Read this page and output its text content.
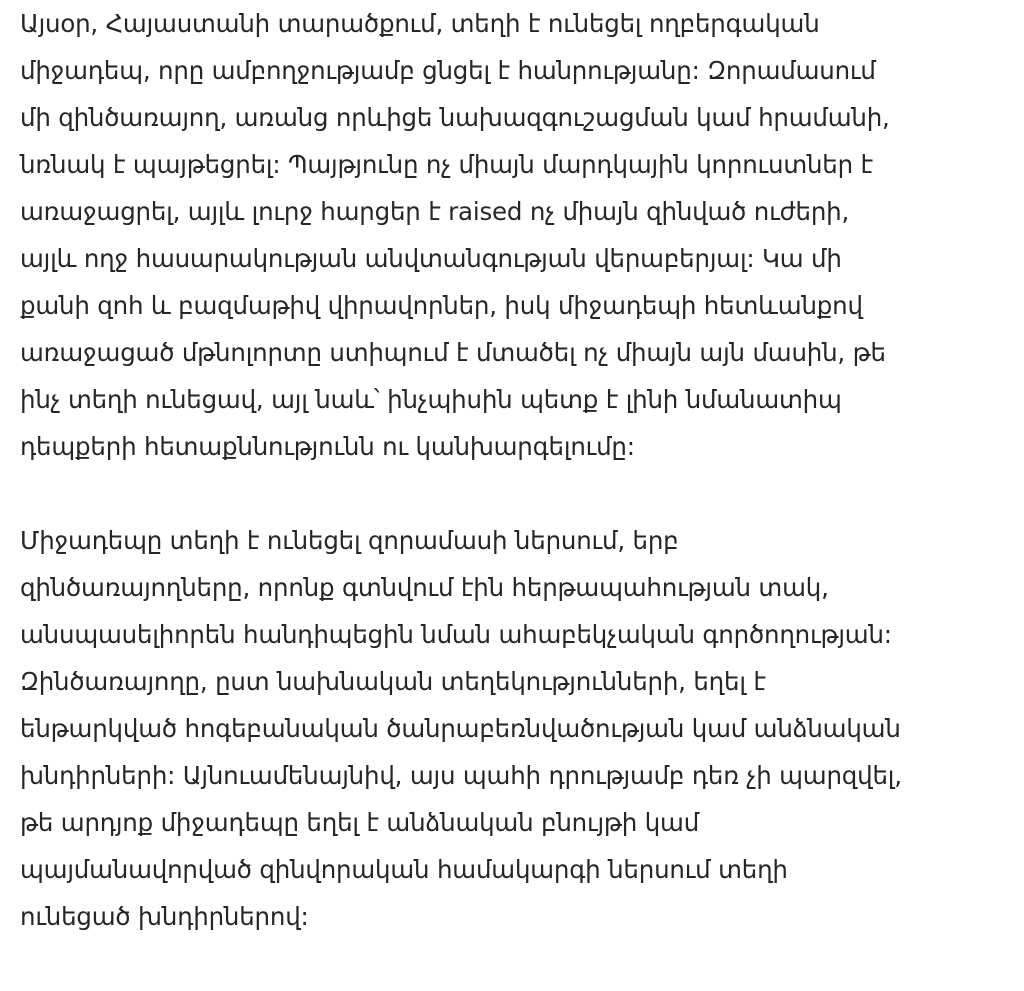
Այսօր, Հայաստանի տարածքում, տեղի է ունեցել ողբերգական
միջադեպ, որը ամբողջությամբ ցնցել է հանրությանը: Զորամասում
մի զինծառայող, առանց որևիցե նախազգուշացման կամ հրամանի,
նռնակ է պայթեցրել: Պայթյունը ոչ միայն մարդկային կորուստներ է
առաջացրել, այլև լուրջ հարցեր է raised ոչ միայն զինված ուժերի,
այլև ողջ հասարակության անվտանգության վերաբերյալ: Կա մի
քանի զոհ և բազմաթիվ վիրավորներ, իսկ միջադեպի հետևանքով
առաջացած մթնոլորտը ստիպում է մտածել ոչ միայն այն մասին, թե
ինչ տեղի ունեցավ, այլ նաև՝ ինչպիսին պետք է լինի նմանատիպ
դեպքերի հետաքննությունն ու կանխարգելումը:

Միջադեպը տեղի է ունեցել զորամասի ներսում, երբ
զինծառայողները, որոնք գտնվում էին հերթապահության տակ,
անսպասելիորեն հանդիպեցին նման ահաբեկչական գործողության:
Զինծառայողը, ըստ նախնական տեղեկությունների, եղել է
ենթարկված հոգեբանական ծանրաբեռնվածության կամ անձնական
խնդիրների: Այնուամենայնիվ, այս պահի դրությամբ դեռ չի պարզվել,
թե արդյոք միջադեպը եղել է անձնական բնույթի կամ
պայմանավորված զինվորական համակարգի ներսում տեղի
ունեցած խնդիրներով:
